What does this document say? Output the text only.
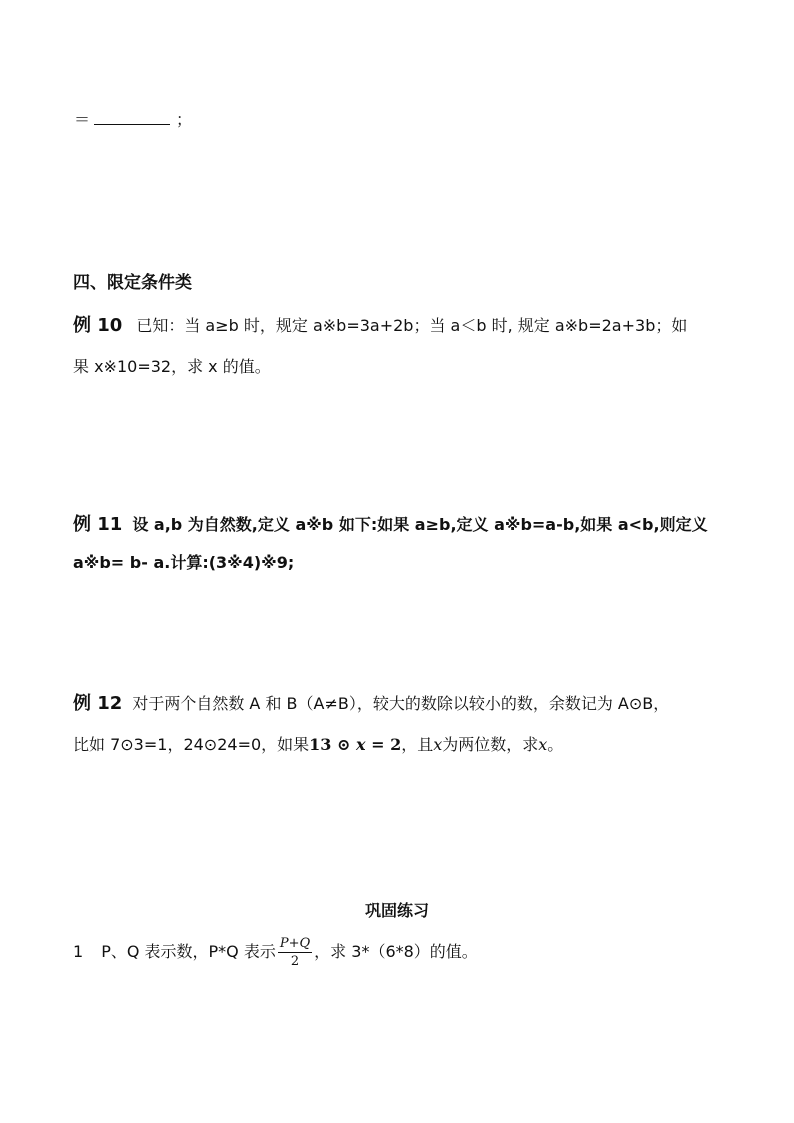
＝	；
四、限定条件类
例 10 已知：当 a≥b 时，规定 a※b=3a+2b；当 a＜b 时, 规定 a※b=2a+3b；如
果 x※10=32，求 x 的值。
例 11 设 a,b 为自然数,定义 a※b 如下:如果 a≥b,定义 a※b=a-b,如果 a<b,则定义
a※b= b- a.计算:(3※4)※9;
例 12 对于两个自然数 A 和 B（A≠B），较大的数除以较小的数，余数记为 A⊙B，
比如 7⊙3=1，24⊙24=0，如果13 ⊙ x = 2，且x为两位数，求x。
巩固练习
1 P、Q 表示数，P*Q 表示 $\frac{P+Q}{2}$ ，求 3*（6*8）的值。
